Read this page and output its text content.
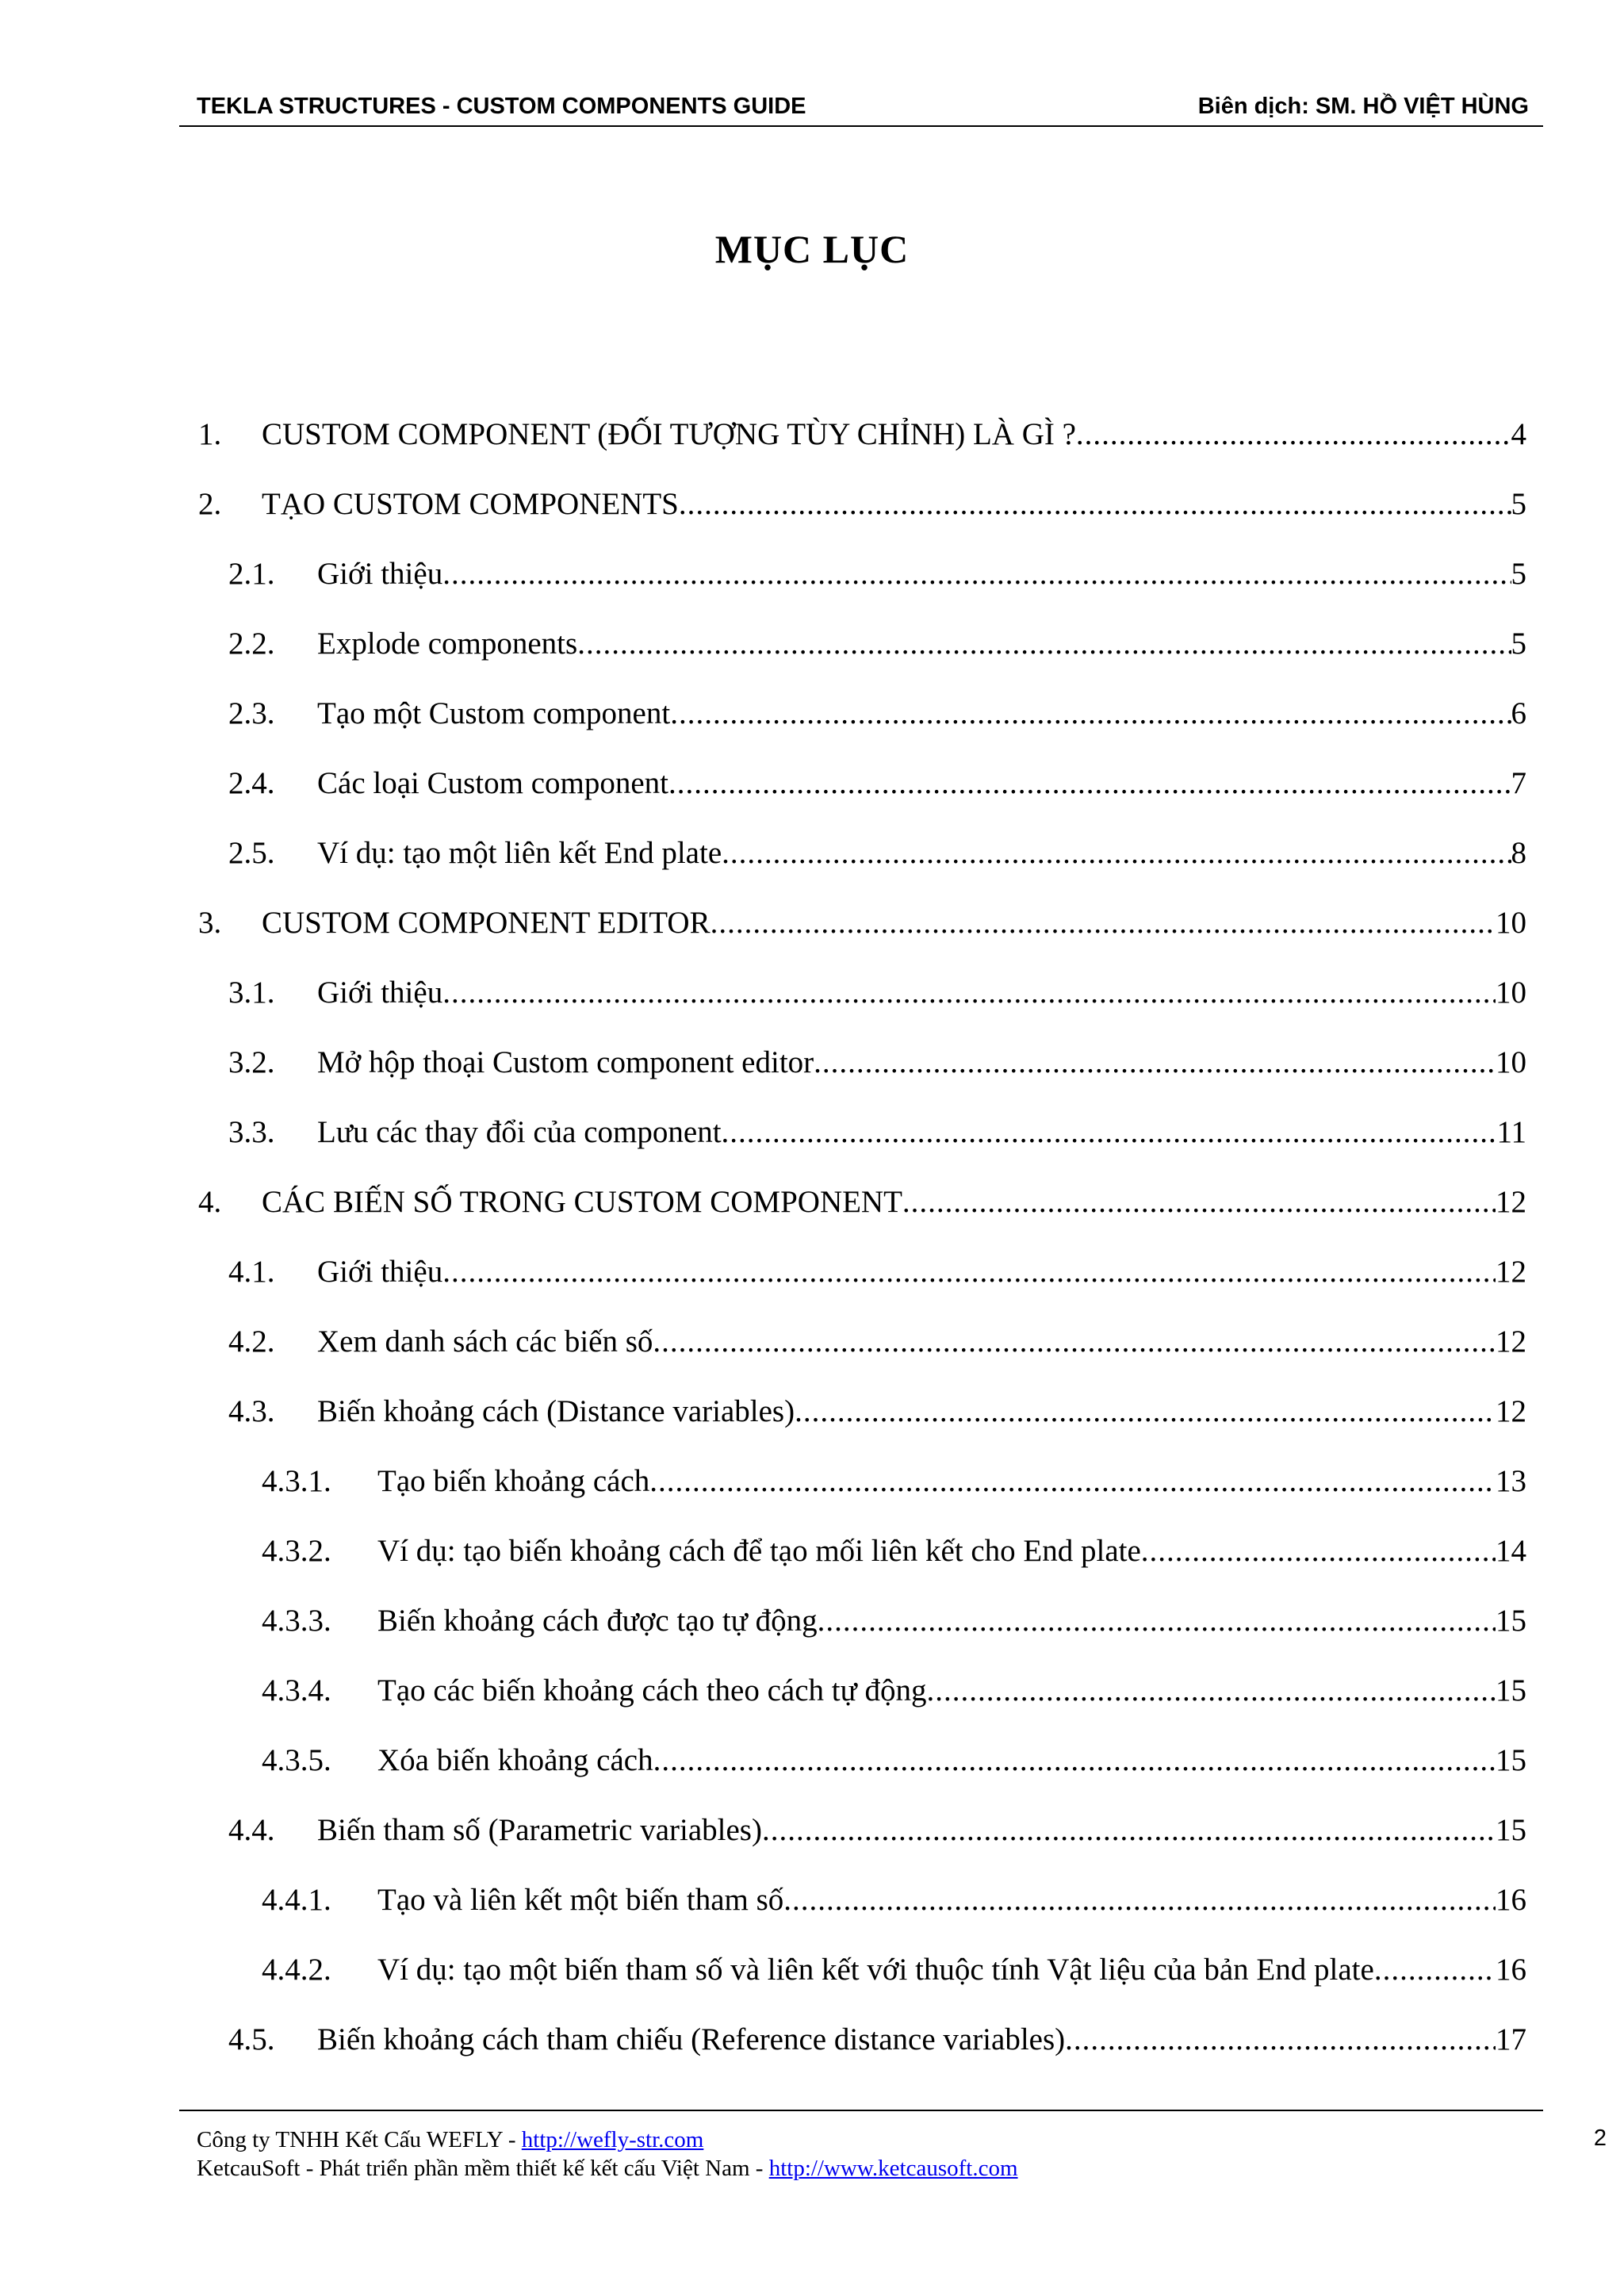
TEKLA STRUCTURES - CUSTOM COMPONENTS GUIDE	Biên dịch: SM. HỒ VIỆT HÙNG
MỤC LỤC
1. CUSTOM COMPONENT (ĐỐI TƯỢNG TÙY CHỈNH) LÀ GÌ ? .....	4
2. TẠO CUSTOM COMPONENTS .....	5
2.1. Giới thiệu .....	5
2.2. Explode components .....	5
2.3. Tạo một Custom component .....	6
2.4. Các loại Custom component .....	7
2.5. Ví dụ: tạo một liên kết End plate .....	8
3. CUSTOM COMPONENT EDITOR .....	10
3.1. Giới thiệu .....	10
3.2. Mở hộp thoại Custom component editor .....	10
3.3. Lưu các thay đổi của component .....	11
4. CÁC BIẾN SỐ TRONG CUSTOM COMPONENT .....	12
4.1. Giới thiệu .....	12
4.2. Xem danh sách các biến số .....	12
4.3. Biến khoảng cách (Distance variables) .....	12
4.3.1. Tạo biến khoảng cách .....	13
4.3.2. Ví dụ: tạo biến khoảng cách để tạo mối liên kết cho End plate .....	14
4.3.3. Biến khoảng cách được tạo tự động .....	15
4.3.4. Tạo các biến khoảng cách theo cách tự động .....	15
4.3.5. Xóa biến khoảng cách .....	15
4.4. Biến tham số (Parametric variables) .....	15
4.4.1. Tạo và liên kết một biến tham số .....	16
4.4.2. Ví dụ: tạo một biến tham số và liên kết với thuộc tính Vật liệu của bản End plate .....	16
4.5. Biến khoảng cách tham chiếu (Reference distance variables) .....	17
Công ty TNHH Kết Cấu WEFLY - http://wefly-str.com
KetcauSoft - Phát triển phần mềm thiết kế kết cấu Việt Nam - http://www.ketcausoft.com
2
